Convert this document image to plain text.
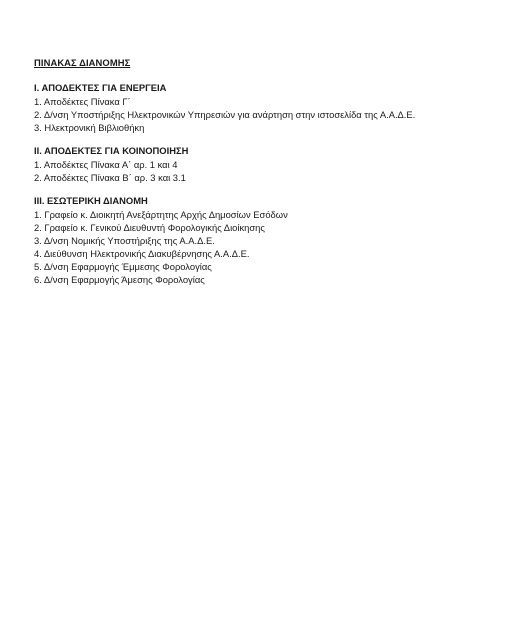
ΠΙΝΑΚΑΣ ΔΙΑΝΟΜΗΣ
Ι. ΑΠΟΔΕΚΤΕΣ ΓΙΑ ΕΝΕΡΓΕΙΑ
1. Αποδέκτες Πίνακα Γ΄
2. Δ/νση Υποστήριξης Ηλεκτρονικών Υπηρεσιών για ανάρτηση στην ιστοσελίδα της Α.Α.Δ.Ε.
3. Ηλεκτρονική Βιβλιοθήκη
ΙΙ. ΑΠΟΔΕΚΤΕΣ ΓΙΑ ΚΟΙΝΟΠΟΙΗΣΗ
1. Αποδέκτες Πίνακα Α΄ αρ. 1 και 4
2. Αποδέκτες Πίνακα Β΄ αρ. 3 και 3.1
ΙΙΙ. ΕΣΩΤΕΡΙΚΗ ΔΙΑΝΟΜΗ
1. Γραφείο κ. Διοικητή Ανεξάρτητης Αρχής Δημοσίων Εσόδων
2. Γραφείο κ. Γενικού Διευθυντή Φορολογικής Διοίκησης
3. Δ/νση Νομικής Υποστήριξης της Α.Α.Δ.Ε.
4. Διεύθυνση Ηλεκτρονικής Διακυβέρνησης Α.Α.Δ.Ε.
5. Δ/νση Εφαρμογής Έμμεσης Φορολογίας
6. Δ/νση Εφαρμογής Άμεσης Φορολογίας
